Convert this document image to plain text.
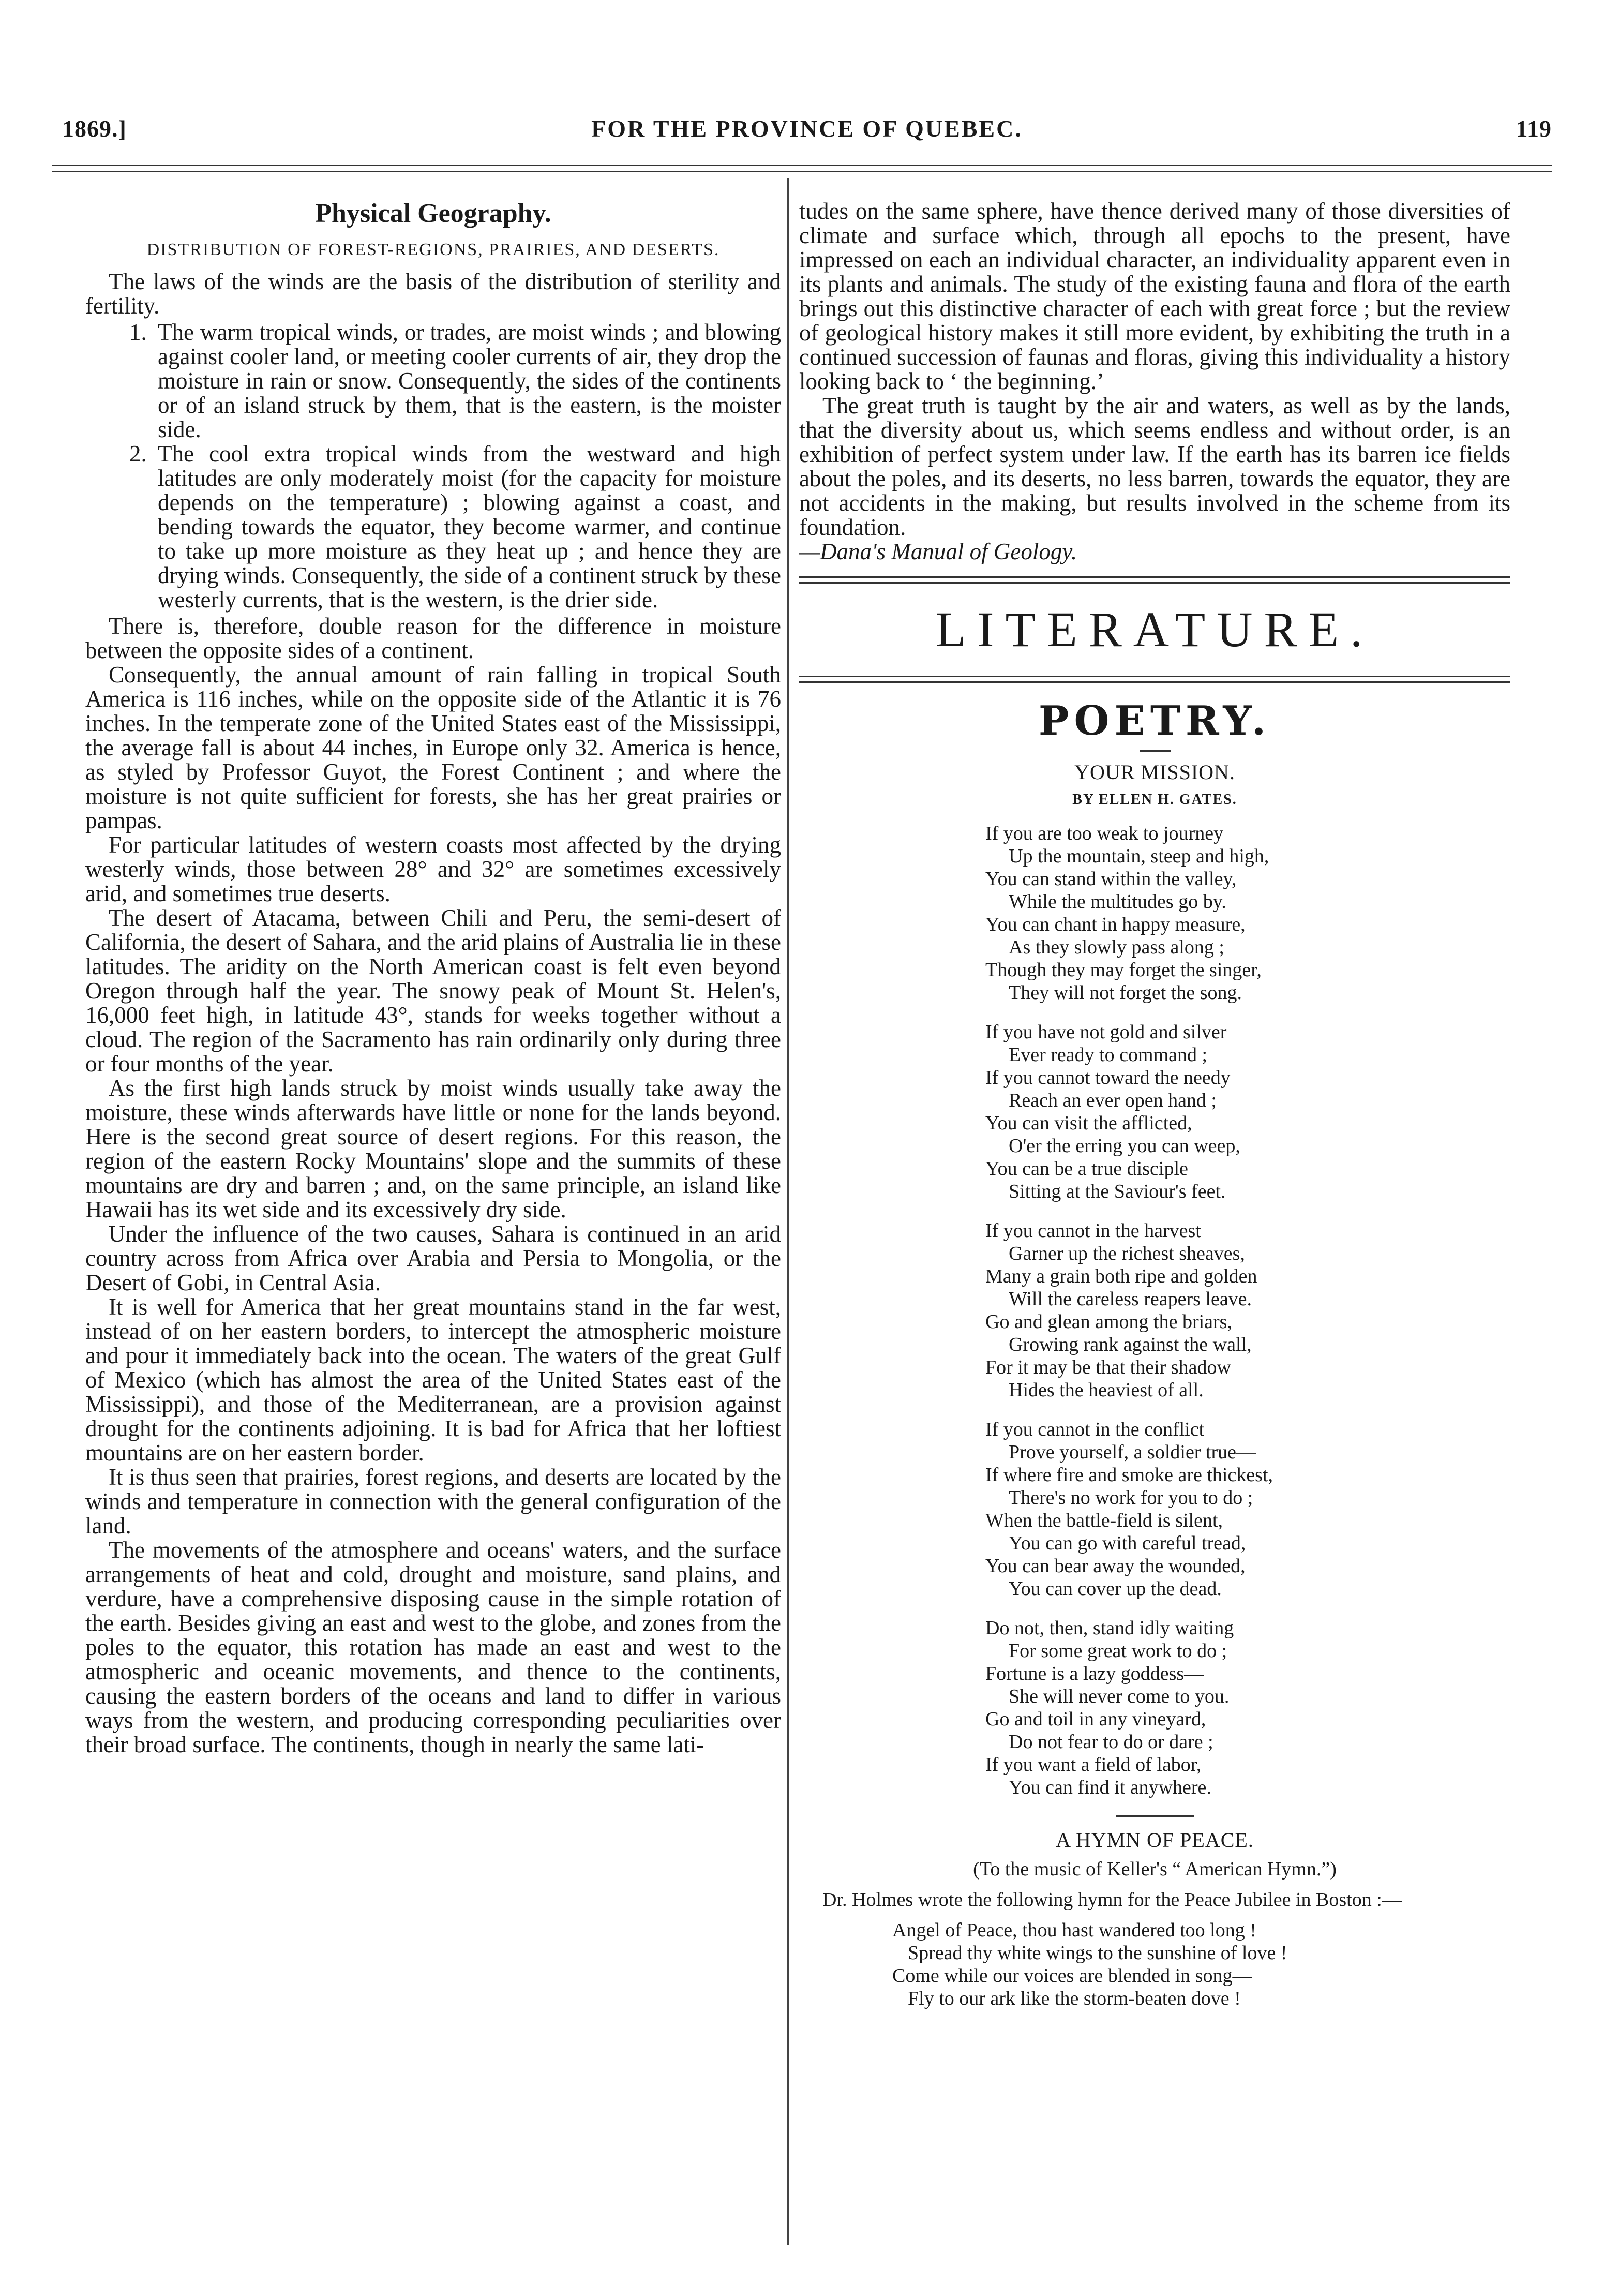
1869.]	FOR THE PROVINCE OF QUEBEC.	119
Physical Geography.
DISTRIBUTION OF FOREST-REGIONS, PRAIRIES, AND DESERTS.

The laws of the winds are the basis of the distribution of sterility and fertility.

1. The warm tropical winds, or trades, are moist winds ; and blowing against cooler land, or meeting cooler currents of air, they drop the moisture in rain or snow. Consequently, the sides of the continents or of an island struck by them, that is the eastern, is the moister side.
2. The cool extra tropical winds from the westward and high latitudes are only moderately moist (for the capacity for moisture depends on the temperature) ; blowing against a coast, and bending towards the equator, they become warmer, and continue to take up more moisture as they heat up ; and hence they are drying winds. Consequently, the side of a continent struck by these westerly currents, that is the western, is the drier side.

There is, therefore, double reason for the difference in moisture between the opposite sides of a continent.

Consequently, the annual amount of rain falling in tropical South America is 116 inches, while on the opposite side of the Atlantic it is 76 inches. In the temperate zone of the United States east of the Mississippi, the average fall is about 44 inches, in Europe only 32. America is hence, as styled by Professor Guyot, the Forest Continent ; and where the moisture is not quite sufficient for forests, she has her great prairies or pampas.

For particular latitudes of western coasts most affected by the drying westerly winds, those between 28° and 32° are sometimes excessively arid, and sometimes true deserts.

The desert of Atacama, between Chili and Peru, the semi-desert of California, the desert of Sahara, and the arid plains of Australia lie in these latitudes. The aridity on the North American coast is felt even beyond Oregon through half the year. The snowy peak of Mount St. Helen's, 16,000 feet high, in latitude 43°, stands for weeks together without a cloud. The region of the Sacramento has rain ordinarily only during three or four months of the year.

As the first high lands struck by moist winds usually take away the moisture, these winds afterwards have little or none for the lands beyond. Here is the second great source of desert regions. For this reason, the region of the eastern Rocky Mountains' slope and the summits of these mountains are dry and barren ; and, on the same principle, an island like Hawaii has its wet side and its excessively dry side.

Under the influence of the two causes, Sahara is continued in an arid country across from Africa over Arabia and Persia to Mongolia, or the Desert of Gobi, in Central Asia.

It is well for America that her great mountains stand in the far west, instead of on her eastern borders, to intercept the atmospheric moisture and pour it immediately back into the ocean. The waters of the great Gulf of Mexico (which has almost the area of the United States east of the Mississippi), and those of the Mediterranean, are a provision against drought for the continents adjoining. It is bad for Africa that her loftiest mountains are on her eastern border.

It is thus seen that prairies, forest regions, and deserts are located by the winds and temperature in connection with the general configuration of the land.

The movements of the atmosphere and oceans' waters, and the surface arrangements of heat and cold, drought and moisture, sand plains, and verdure, have a comprehensive disposing cause in the simple rotation of the earth. Besides giving an east and west to the globe, and zones from the poles to the equator, this rotation has made an east and west to the atmospheric and oceanic movements, and thence to the continents, causing the eastern borders of the oceans and land to differ in various ways from the western, and producing corresponding peculiarities over their broad surface. The continents, though in nearly the same lati-

tudes on the same sphere, have thence derived many of those diversities of climate and surface which, through all epochs to the present, have impressed on each an individual character, an individuality apparent even in its plants and animals. The study of the existing fauna and flora of the earth brings out this distinctive character of each with great force ; but the review of geological history makes it still more evident, by exhibiting the truth in a continued succession of faunas and floras, giving this individuality a history looking back to ‘ the beginning.’

The great truth is taught by the air and waters, as well as by the lands, that the diversity about us, which seems endless and without order, is an exhibition of perfect system under law. If the earth has its barren ice fields about the poles, and its deserts, no less barren, towards the equator, they are not accidents in the making, but results involved in the scheme from its foundation.

—Dana's Manual of Geology.

LITERATURE.
POETRY.
YOUR MISSION.
BY ELLEN H. GATES.
If you are too weak to journey
Up the mountain, steep and high,
You can stand within the valley,
While the multitudes go by.
You can chant in happy measure,
As they slowly pass along ;
Though they may forget the singer,
They will not forget the song.
If you have not gold and silver
Ever ready to command ;
If you cannot toward the needy
Reach an ever open hand ;
You can visit the afflicted,
O'er the erring you can weep,
You can be a true disciple
Sitting at the Saviour's feet.
If you cannot in the harvest
Garner up the richest sheaves,
Many a grain both ripe and golden
Will the careless reapers leave.
Go and glean among the briars,
Growing rank against the wall,
For it may be that their shadow
Hides the heaviest of all.
If you cannot in the conflict
Prove yourself, a soldier true—
If where fire and smoke are thickest,
There's no work for you to do ;
When the battle-field is silent,
You can go with careful tread,
You can bear away the wounded,
You can cover up the dead.
Do not, then, stand idly waiting
For some great work to do ;
Fortune is a lazy goddess—
She will never come to you.
Go and toil in any vineyard,
Do not fear to do or dare ;
If you want a field of labor,
You can find it anywhere.
A HYMN OF PEACE.
(To the music of Keller's “ American Hymn.”)

Dr. Holmes wrote the following hymn for the Peace Jubilee in Boston :—

Angel of Peace, thou hast wandered too long !
Spread thy white wings to the sunshine of love !
Come while our voices are blended in song—
Fly to our ark like the storm-beaten dove !
